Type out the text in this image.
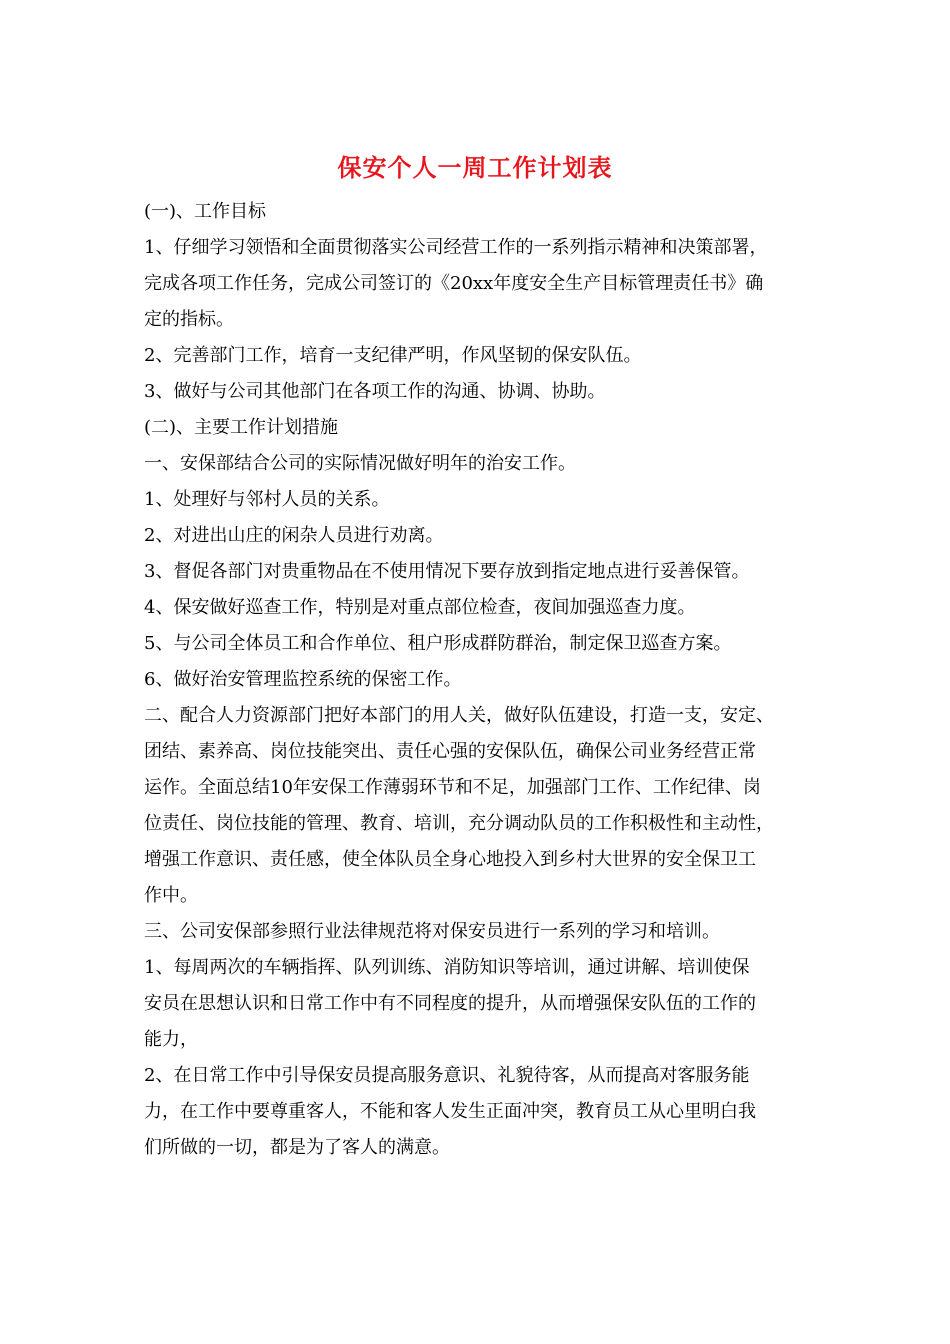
保安个人一周工作计划表
(一)、工作目标
1、仔细学习领悟和全面贯彻落实公司经营工作的一系列指示精神和决策部署，
完成各项工作任务，完成公司签订的《20xx年度安全生产目标管理责任书》确
定的指标。
2、完善部门工作，培育一支纪律严明，作风坚韧的保安队伍。
3、做好与公司其他部门在各项工作的沟通、协调、协助。
(二)、主要工作计划措施
一、安保部结合公司的实际情况做好明年的治安工作。
1、处理好与邻村人员的关系。
2、对进出山庄的闲杂人员进行劝离。
3、督促各部门对贵重物品在不使用情况下要存放到指定地点进行妥善保管。
4、保安做好巡查工作，特别是对重点部位检查，夜间加强巡查力度。
5、与公司全体员工和合作单位、租户形成群防群治，制定保卫巡查方案。
6、做好治安管理监控系统的保密工作。
二、配合人力资源部门把好本部门的用人关，做好队伍建设，打造一支，安定、
团结、素养高、岗位技能突出、责任心强的安保队伍，确保公司业务经营正常
运作。全面总结10年安保工作薄弱环节和不足，加强部门工作、工作纪律、岗
位责任、岗位技能的管理、教育、培训，充分调动队员的工作积极性和主动性，
增强工作意识、责任感，使全体队员全身心地投入到乡村大世界的安全保卫工
作中。
三、公司安保部参照行业法律规范将对保安员进行一系列的学习和培训。
1、每周两次的车辆指挥、队列训练、消防知识等培训，通过讲解、培训使保
安员在思想认识和日常工作中有不同程度的提升，从而增强保安队伍的工作的
能力，
2、在日常工作中引导保安员提高服务意识、礼貌待客，从而提高对客服务能
力，在工作中要尊重客人，不能和客人发生正面冲突，教育员工从心里明白我
们所做的一切，都是为了客人的满意。
